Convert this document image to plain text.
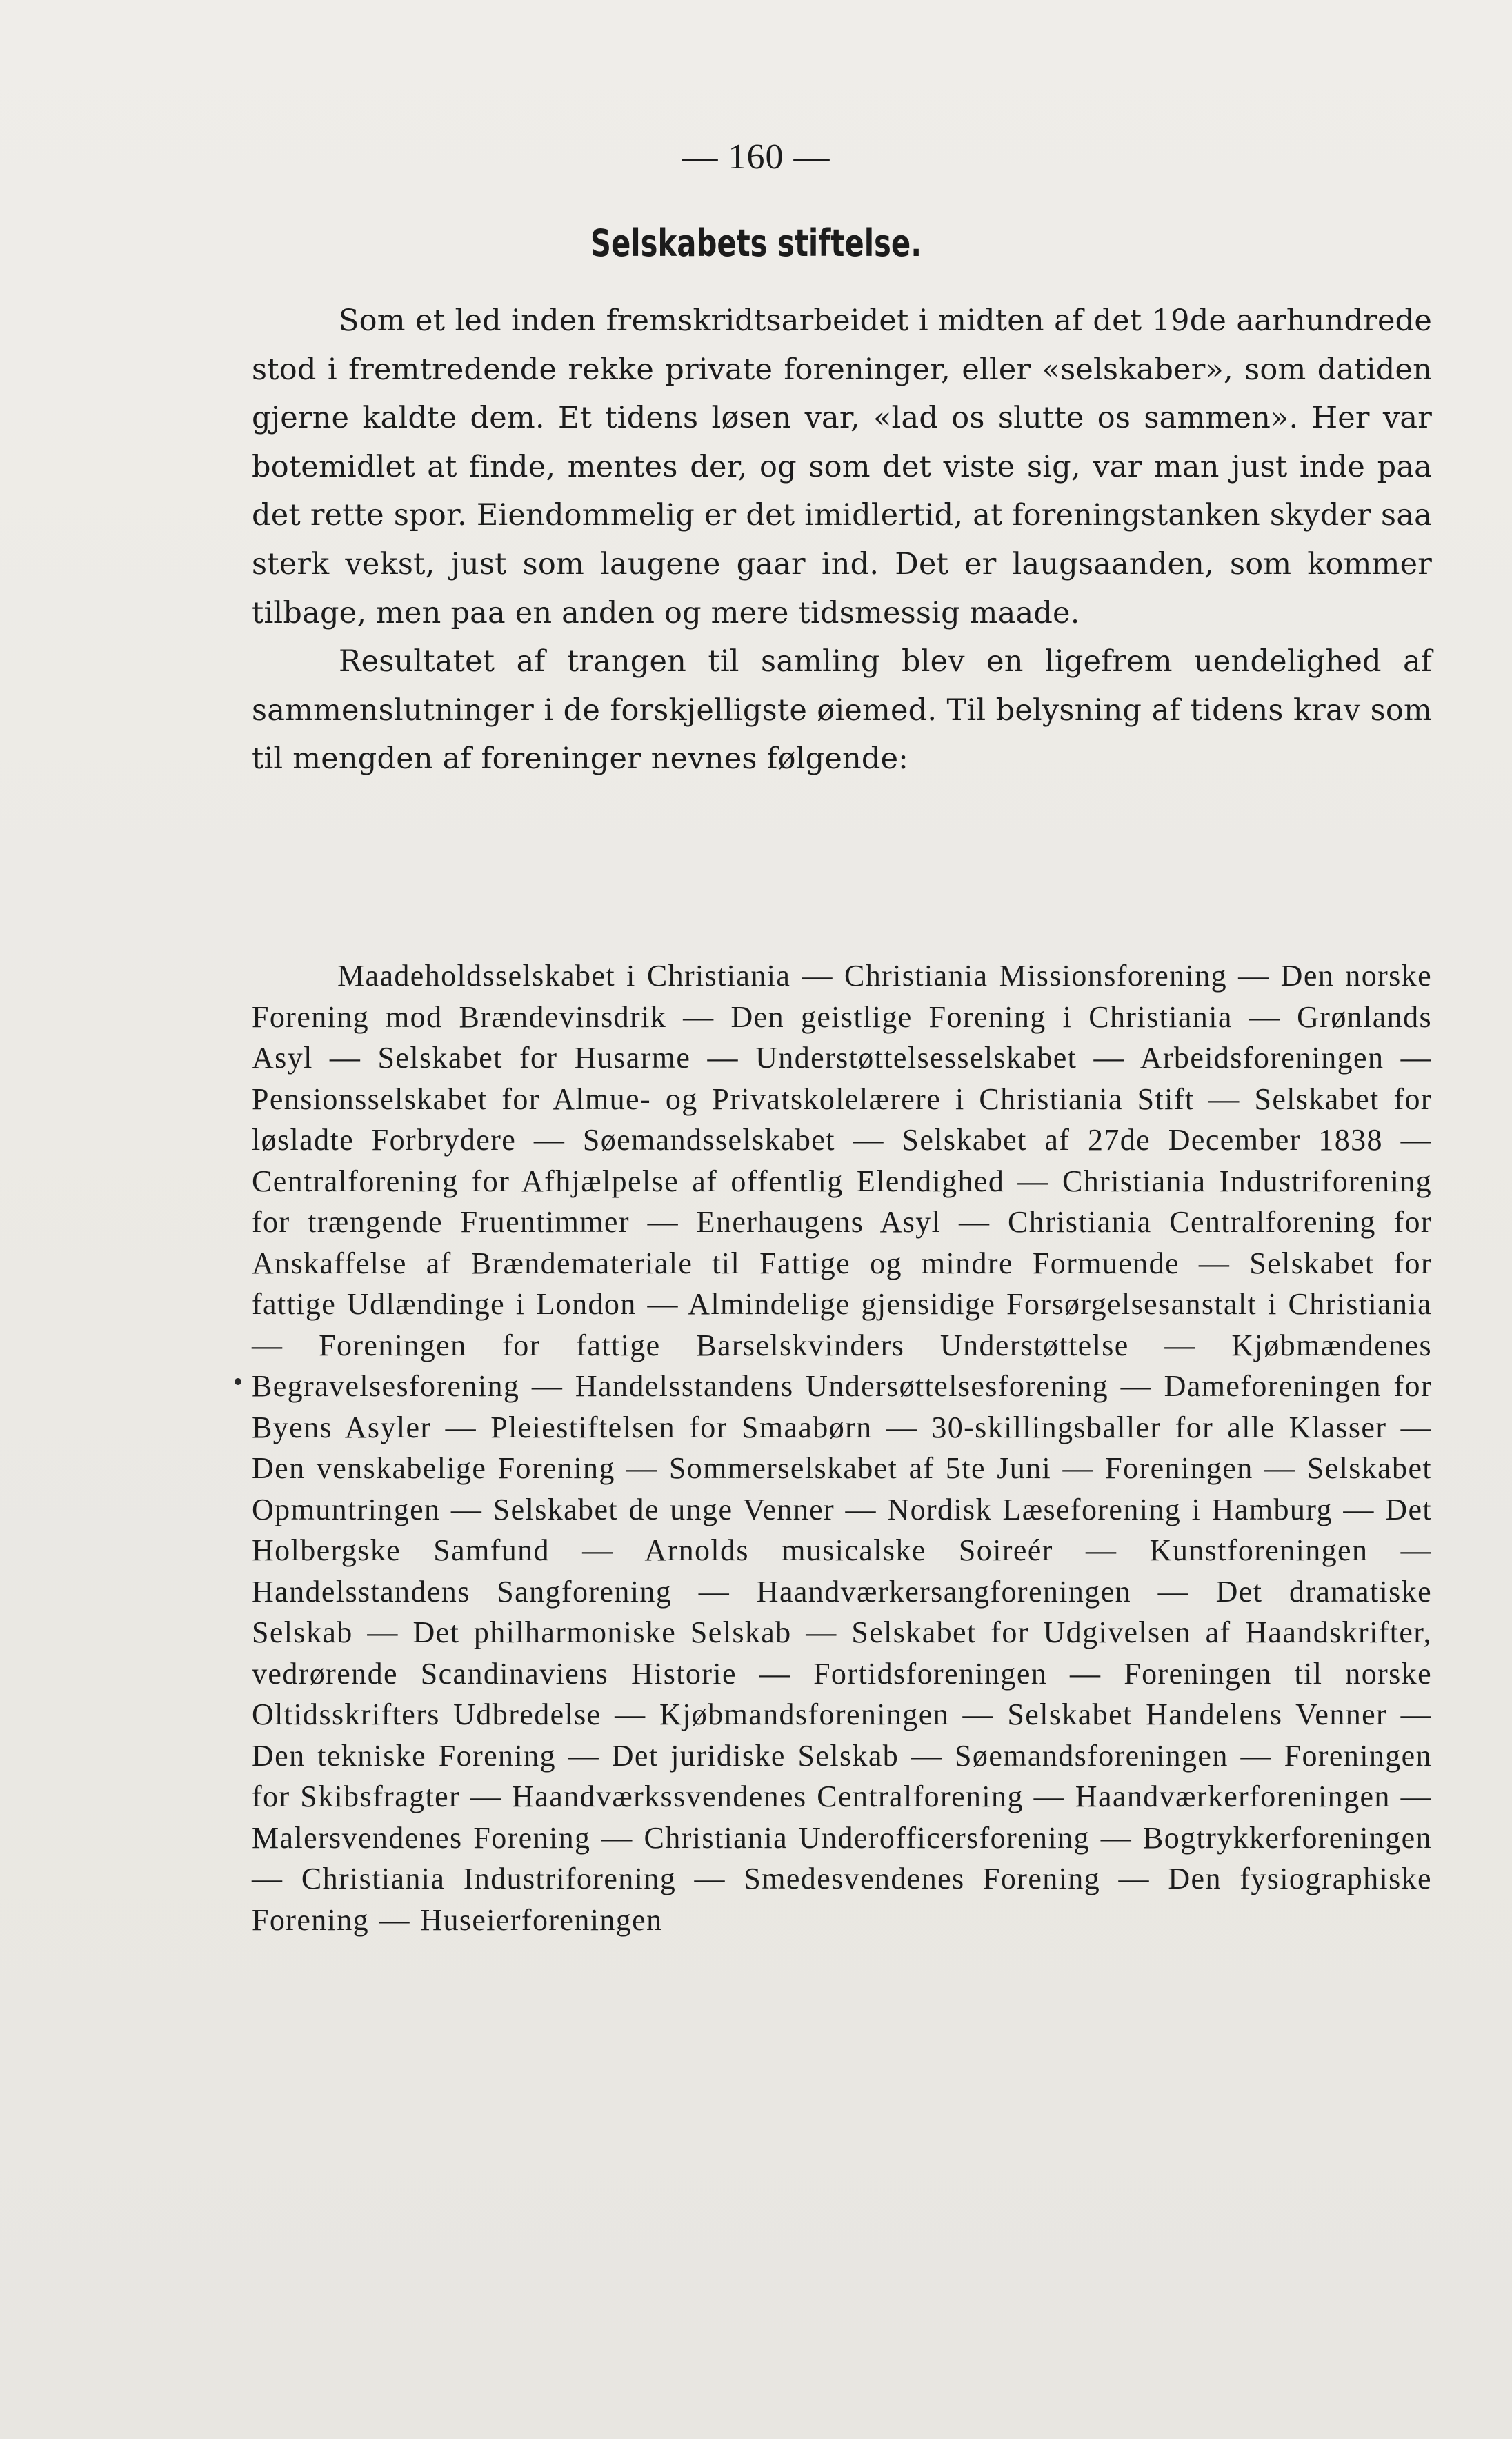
— 160 —
Selskabets stiftelse.

Som et led inden fremskridtsarbeidet i midten af det 19de aarhundrede stod i fremtredende rekke private foreninger, eller «selskaber», som datiden gjerne kaldte dem. Et tidens løsen var, «lad os slutte os sammen». Her var botemidlet at finde, mentes der, og som det viste sig, var man just inde paa det rette spor. Eiendommelig er det imidlertid, at foreningstanken skyder saa sterk vekst, just som laugene gaar ind. Det er laugsaanden, som kommer tilbage, men paa en anden og mere tidsmessig maade.

Resultatet af trangen til samling blev en ligefrem uendelighed af sammenslutninger i de forskjelligste øiemed. Til belysning af tidens krav som til mengden af foreninger nevnes følgende:

Maadeholdsselskabet i Christiania — Christiania Missionsforening — Den norske Forening mod Brændevinsdrik — Den geistlige Forening i Christiania — Grønlands Asyl — Selskabet for Husarme — Understøttelsesselskabet — Arbeidsforeningen — Pensionsselskabet for Almue- og Privatskolelærere i Christiania Stift — Selskabet for løsladte Forbrydere — Søemandsselskabet — Selskabet af 27de December 1838 — Centralforening for Afhjælpelse af offentlig Elendighed — Christiania Industriforening for trængende Fruentimmer — Enerhaugens Asyl — Christiania Centralforening for Anskaffelse af Brændemateriale til Fattige og mindre Formuende — Selskabet for fattige Udlændinge i London — Almindelige gjensidige Forsørgelsesanstalt i Christiania — Foreningen for fattige Barselskvinders Understøttelse — Kjøbmændenes Begravelsesforening — Handelsstandens Undersøttelsesforening — Dameforeningen for Byens Asyler — Pleiestiftelsen for Smaabørn — 30-skillingsballer for alle Klasser — Den venskabelige Forening — Sommerselskabet af 5te Juni — Foreningen — Selskabet Opmuntringen — Selskabet de unge Venner — Nordisk Læseforening i Hamburg — Det Holbergske Samfund — Arnolds musicalske Soireér — Kunstforeningen — Handelsstandens Sangforening — Haandværkersangforeningen — Det dramatiske Selskab — Det philharmoniske Selskab — Selskabet for Udgivelsen af Haandskrifter, vedrørende Scandinaviens Historie — Fortidsforeningen — Foreningen til norske Oltidsskrifters Udbredelse — Kjøbmandsforeningen — Selskabet Handelens Venner — Den tekniske Forening — Det juridiske Selskab — Søemandsforeningen — Foreningen for Skibsfragter — Haandværkssvendenes Centralforening — Haandværkerforeningen — Malersvendenes Forening — Christiania Underofficersforening — Bogtrykkerforeningen — Christiania Industriforening — Smedesvendenes Forening — Den fysiographiske Forening — Huseierforeningen
